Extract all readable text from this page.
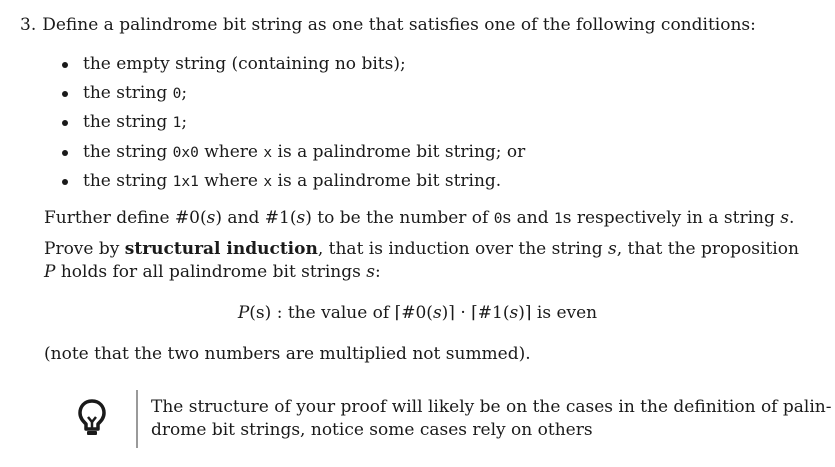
3. Define a palindrome bit string as one that satisfies one of the following conditions:
the empty string (containing no bits);
the string 0;
the string 1;
the string 0x0 where x is a palindrome bit string; or
the string 1x1 where x is a palindrome bit string.
Further define #0(s) and #1(s) to be the number of 0s and 1s respectively in a string s.
Prove by structural induction, that is induction over the string s, that the proposition
P holds for all palindrome bit strings s:
P(s) : the value of ⌈#0(s)⌉ · ⌈#1(s)⌉ is even
(note that the two numbers are multiplied not summed).
The structure of your proof will likely be on the cases in the definition of palin-
drome bit strings, notice some cases rely on others
